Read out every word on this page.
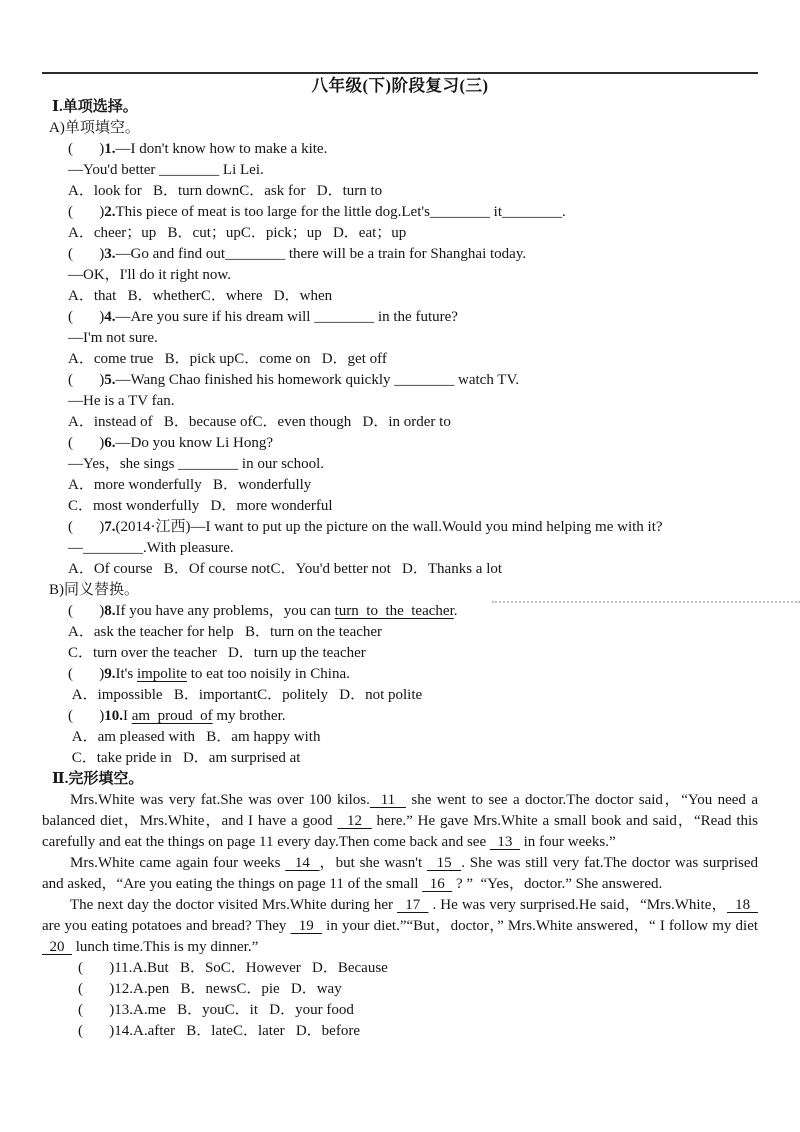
八年级(下)阶段复习(三)
Ⅰ.单项选择。
A)单项填空。
(       )1.—I don't know how to make a kite.
—You'd better ________ Li Lei.
A．look for   B．turn downC．ask for   D．turn to
(       )2.This piece of meat is too large for the little dog.Let's________ it________.
A．cheer；up   B．cut；upC．pick；up   D．eat；up
(       )3.—Go and find out________ there will be a train for Shanghai today.
—OK，I'll do it right now.
A．that   B．whetherC．where   D．when
(       )4.—Are you sure if his dream will ________ in the future?
—I'm not sure.
A．come true   B．pick upC．come on   D．get off
(       )5.—Wang Chao finished his homework quickly ________ watch TV.
—He is a TV fan.
A．instead of   B．because ofC．even though   D．in order to
(       )6.—Do you know Li Hong?
—Yes，she sings ________ in our school.
A．more wonderfully   B．wonderfully
C．most wonderfully   D．more wonderful
(       )7.(2014·江西)—I want to put up the picture on the wall.Would you mind helping me with it?
—________.With pleasure.
A．Of course   B．Of course notC．You'd better not   D．Thanks a lot
B)同义替换。
(       )8.If you have any problems，you can turn  to  the  teacher.
A．ask the teacher for help   B．turn on the teacher
C．turn over the teacher   D．turn up the teacher
(       )9.It's impolite to eat too noisily in China.
A．impossible   B．importantC．politely   D．not polite
(       )10.I am  proud  of my brother.
A．am pleased with   B．am happy with
C．take pride in   D．am surprised at
Ⅱ.完形填空。
Mrs.White was very fat.She was over 100 kilos.  11   she went to see a doctor.The doctor said，“You need a
balanced diet，Mrs.White，and I have a good   12   here.” He gave Mrs.White a small book and said，“Read this
carefully and eat the things on page 11 every day.Then come back and see   13   in four weeks.”
Mrs.White came again four weeks   14  ，but she wasn't   15  . She was still very fat.The doctor was surprised
and asked，“Are you eating the things on page 11 of the small   16   ? ”  “Yes，doctor.” She answered.
The next day the doctor visited Mrs.White during her   17   . He was very surprised.He said，“Mrs.White，  18
are you eating potatoes and bread? They   19   in your diet.”“But，doctor，” Mrs.White answered，“ I follow my diet
20   lunch time.This is my dinner.”
(       )11.A.But   B．SoC．However   D．Because
(       )12.A.pen   B．newsC．pie   D．way
(       )13.A.me   B．youC．it   D．your food
(       )14.A.after   B．lateC．later   D．before
